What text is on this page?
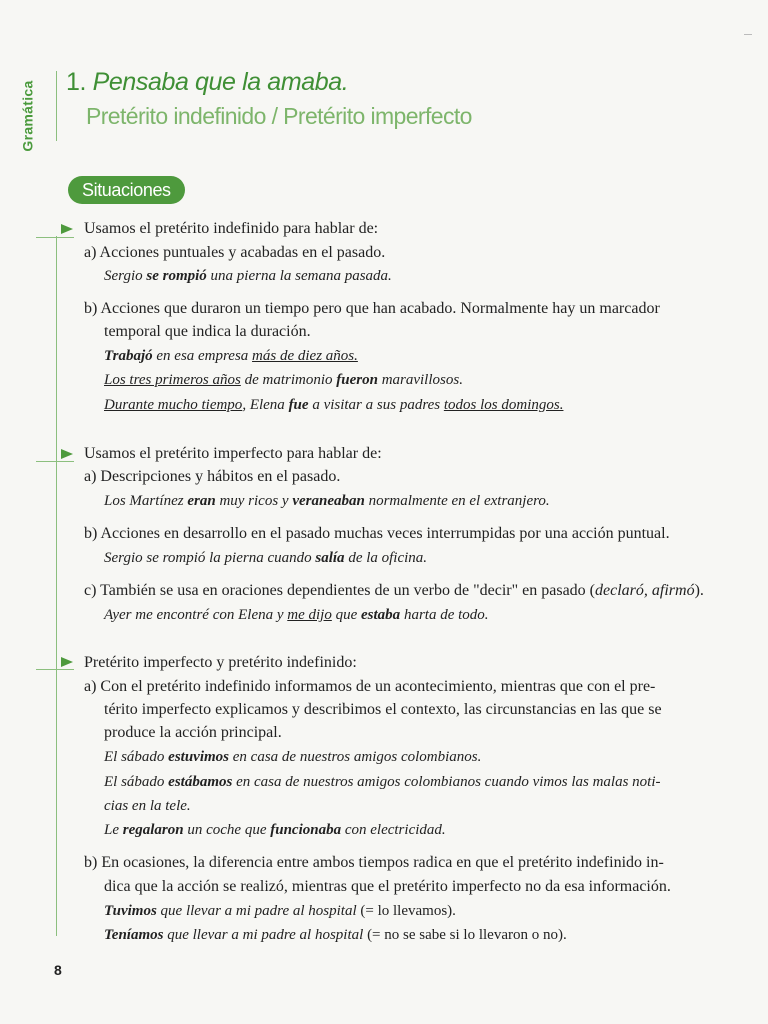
Gramática 1. Pensaba que la amaba.
Pretérito indefinido / Pretérito imperfecto
Situaciones
Usamos el pretérito indefinido para hablar de:
a) Acciones puntuales y acabadas en el pasado.
Sergio se rompió una pierna la semana pasada.
b) Acciones que duraron un tiempo pero que han acabado. Normalmente hay un marcador
temporal que indica la duración.
Trabajó en esa empresa más de diez años.
Los tres primeros años de matrimonio fueron maravillosos.
Durante mucho tiempo, Elena fue a visitar a sus padres todos los domingos.
Usamos el pretérito imperfecto para hablar de:
a) Descripciones y hábitos en el pasado.
Los Martínez eran muy ricos y veraneaban normalmente en el extranjero.
b) Acciones en desarrollo en el pasado muchas veces interrumpidas por una acción puntual.
Sergio se rompió la pierna cuando salía de la oficina.
c) También se usa en oraciones dependientes de un verbo de "decir" en pasado (declaró, afirmó).
Ayer me encontré con Elena y me dijo que estaba harta de todo.
Pretérito imperfecto y pretérito indefinido:
a) Con el pretérito indefinido informamos de un acontecimiento, mientras que con el pre-
térito imperfecto explicamos y describimos el contexto, las circunstancias en las que se
produce la acción principal.
El sábado estuvimos en casa de nuestros amigos colombianos.
El sábado estábamos en casa de nuestros amigos colombianos cuando vimos las malas noti-
cias en la tele.
Le regalaron un coche que funcionaba con electricidad.
b) En ocasiones, la diferencia entre ambos tiempos radica en que el pretérito indefinido in-
dica que la acción se realizó, mientras que el pretérito imperfecto no da esa información.
Tuvimos que llevar a mi padre al hospital (= lo llevamos).
Teníamos que llevar a mi padre al hospital (= no se sabe si lo llevaron o no).
8
